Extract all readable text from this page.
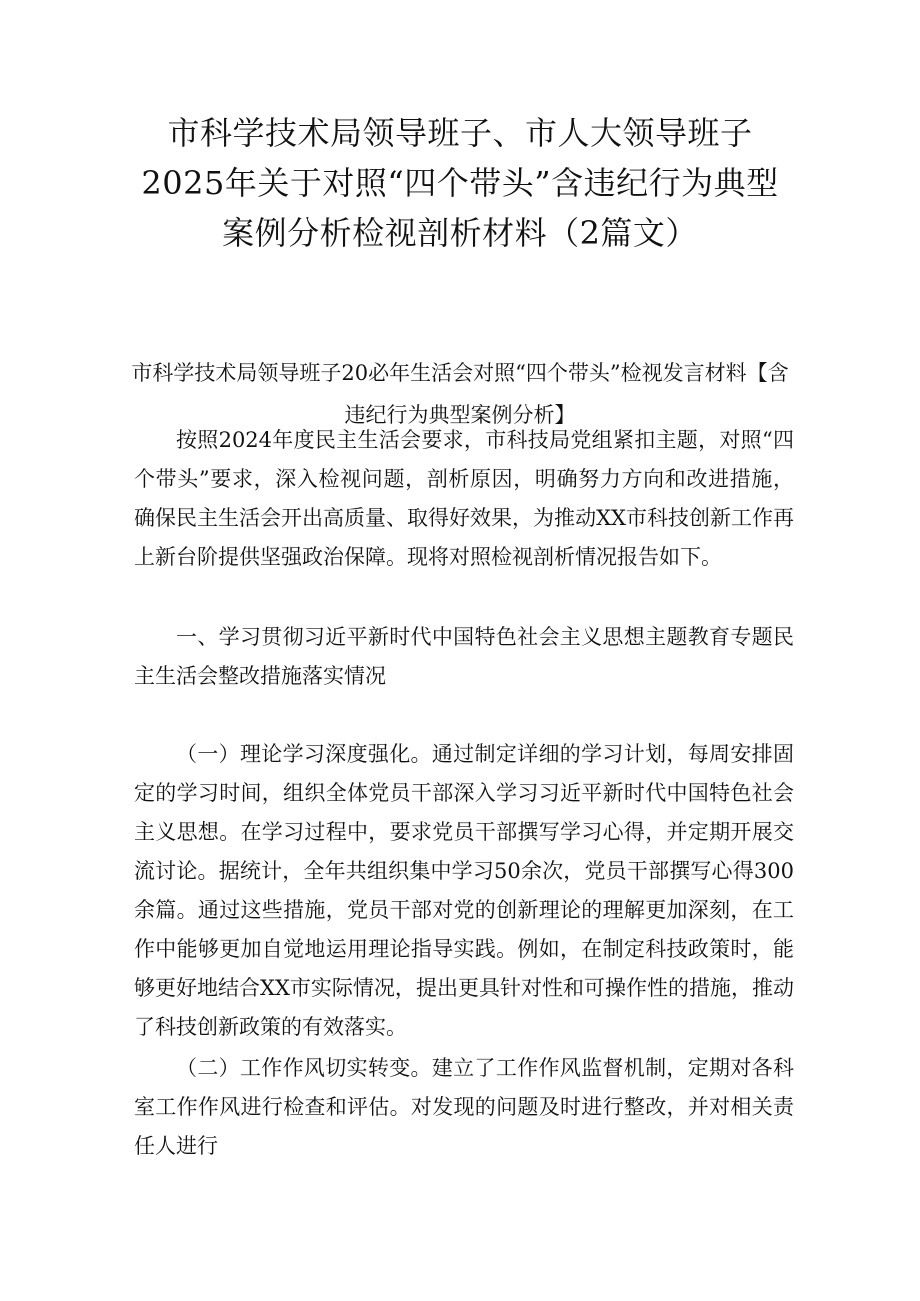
市科学技术局领导班子、市人大领导班子2025年关于对照“四个带头”含违纪行为典型案例分析检视剖析材料（2篇文）
市科学技术局领导班子20必年生活会对照“四个带头”检视发言材料【含违纪行为典型案例分析】

按照2024年度民主生活会要求，市科技局党组紧扣主题，对照“四个带头”要求，深入检视问题，剖析原因，明确努力方向和改进措施，确保民主生活会开出高质量、取得好效果，为推动XX市科技创新工作再上新台阶提供坚强政治保障。现将对照检视剖析情况报告如下。

一、学习贯彻习近平新时代中国特色社会主义思想主题教育专题民主生活会整改措施落实情况

（一）理论学习深度强化。通过制定详细的学习计划，每周安排固定的学习时间，组织全体党员干部深入学习习近平新时代中国特色社会主义思想。在学习过程中，要求党员干部撰写学习心得，并定期开展交流讨论。据统计，全年共组织集中学习50余次，党员干部撰写心得300余篇。通过这些措施，党员干部对党的创新理论的理解更加深刻，在工作中能够更加自觉地运用理论指导实践。例如，在制定科技政策时，能够更好地结合XX市实际情况，提出更具针对性和可操作性的措施，推动了科技创新政策的有效落实。

（二）工作作风切实转变。建立了工作作风监督机制，定期对各科室工作作风进行检查和评估。对发现的问题及时进行整改，并对相关责任人进行
